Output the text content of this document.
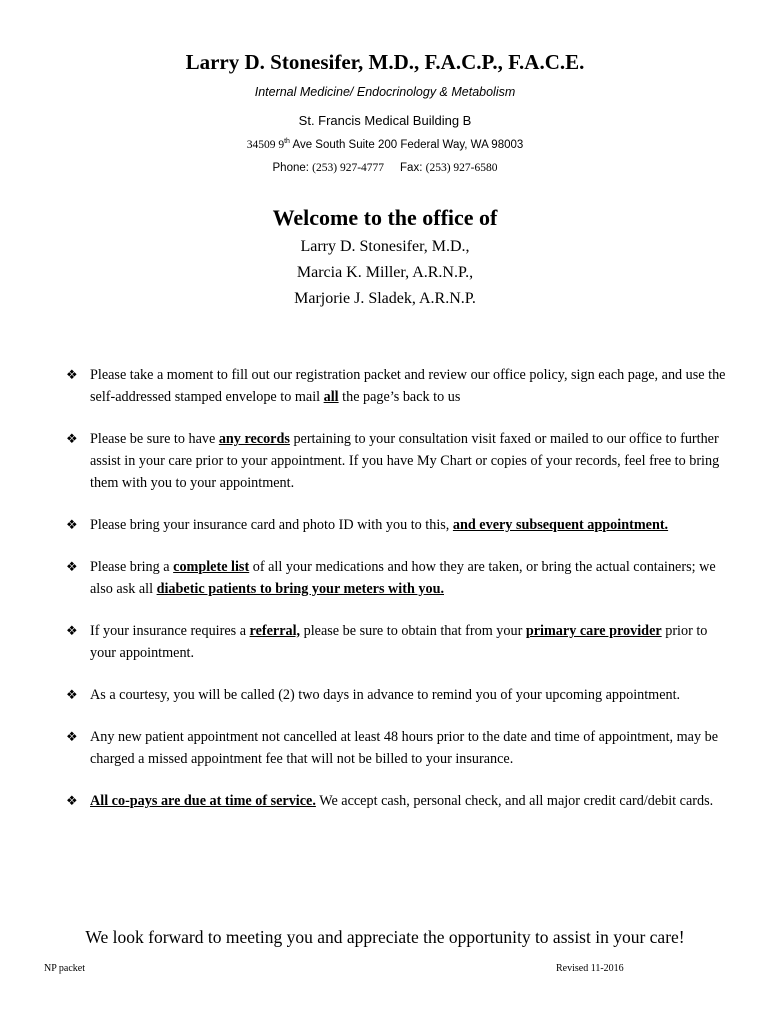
Larry D. Stonesifer, M.D., F.A.C.P., F.A.C.E.
Internal Medicine/ Endocrinology & Metabolism
St. Francis Medical Building B
34509 9th Ave South Suite 200 Federal Way, WA 98003
Phone: (253) 927-4777 Fax: (253) 927-6580
Welcome to the office of
Larry D. Stonesifer, M.D.,
Marcia K. Miller, A.R.N.P.,
Marjorie J. Sladek, A.R.N.P.
❖ Please take a moment to fill out our registration packet and review our office policy, sign each page, and use the self-addressed stamped envelope to mail all the page’s back to us
❖ Please be sure to have any records pertaining to your consultation visit faxed or mailed to our office to further assist in your care prior to your appointment. If you have My Chart or copies of your records, feel free to bring them with you to your appointment.
❖ Please bring your insurance card and photo ID with you to this, and every subsequent appointment.
❖ Please bring a complete list of all your medications and how they are taken, or bring the actual containers; we also ask all diabetic patients to bring your meters with you.
❖ If your insurance requires a referral, please be sure to obtain that from your primary care provider prior to your appointment.
❖ As a courtesy, you will be called (2) two days in advance to remind you of your upcoming appointment.
❖ Any new patient appointment not cancelled at least 48 hours prior to the date and time of appointment, may be charged a missed appointment fee that will not be billed to your insurance.
❖ All co-pays are due at time of service. We accept cash, personal check, and all major credit card/debit cards.
We look forward to meeting you and appreciate the opportunity to assist in your care!
NP packet	Revised 11-2016
